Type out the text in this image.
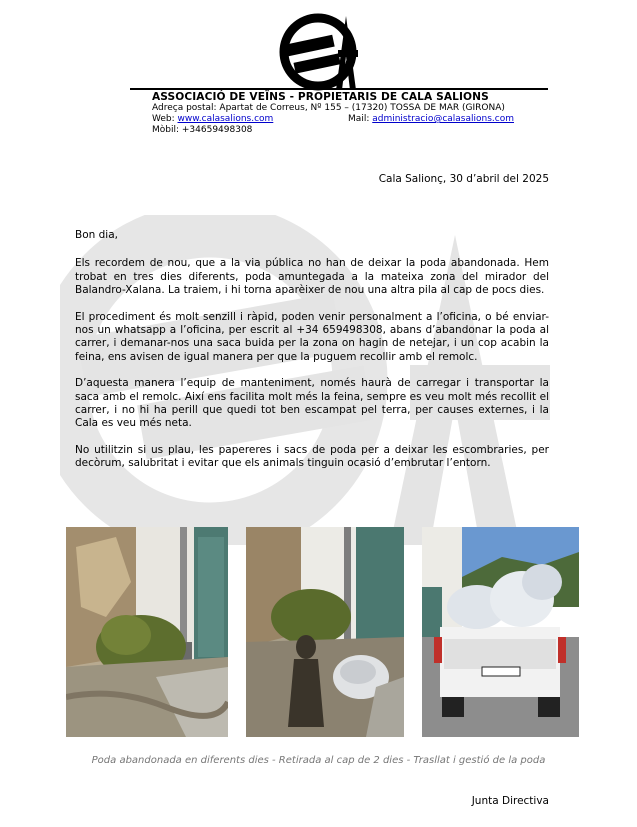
ASSOCIACIÓ DE VEÏNS - PROPIETARIS DE CALA SALIONS
Adreça postal: Apartat de Correus, Nº 155 – (17320) TOSSA DE MAR (GIRONA)
Web: www.calasalions.com	Mail: administracio@calasalions.com
Mòbil: +34659498308
Cala Salionç, 30 d’abril del 2025

Bon dia,

Els recordem de nou, que a la via pública no han de deixar la poda abandonada. Hem trobat en tres dies diferents, poda amuntegada a la mateixa zona del mirador del Balandro-Xalana. La traiem, i hi torna aparèixer de nou una altra pila al cap de pocs dies.

El procediment és molt senzill i ràpid, poden venir personalment a l’oficina, o bé enviar-nos un whatsapp a l’oficina, per escrit al +34 659498308, abans d’abandonar la poda al carrer, i demanar-nos una saca buida per la zona on hagin de netejar, i un cop acabin la feina, ens avisen de igual manera per que la puguem recollir amb el remolc.

D’aquesta manera l’equip de manteniment, només haurà de carregar i transportar la saca amb el remolc. Així ens facilita molt més la feina, sempre es veu molt més recollit el carrer, i no hi ha perill que quedi tot ben escampat pel terra, per causes externes, i la Cala es veu més neta.

No utilitzin si us plau, les papereres i sacs de poda per a deixar les escombraries, per decòrum, salubritat i evitar que els animals tinguin ocasió d’embrutar l’entorn.

Poda abandonada en diferents dies - Retirada al cap de 2 dies - Trasllat i gestió de la poda
Junta Directiva
